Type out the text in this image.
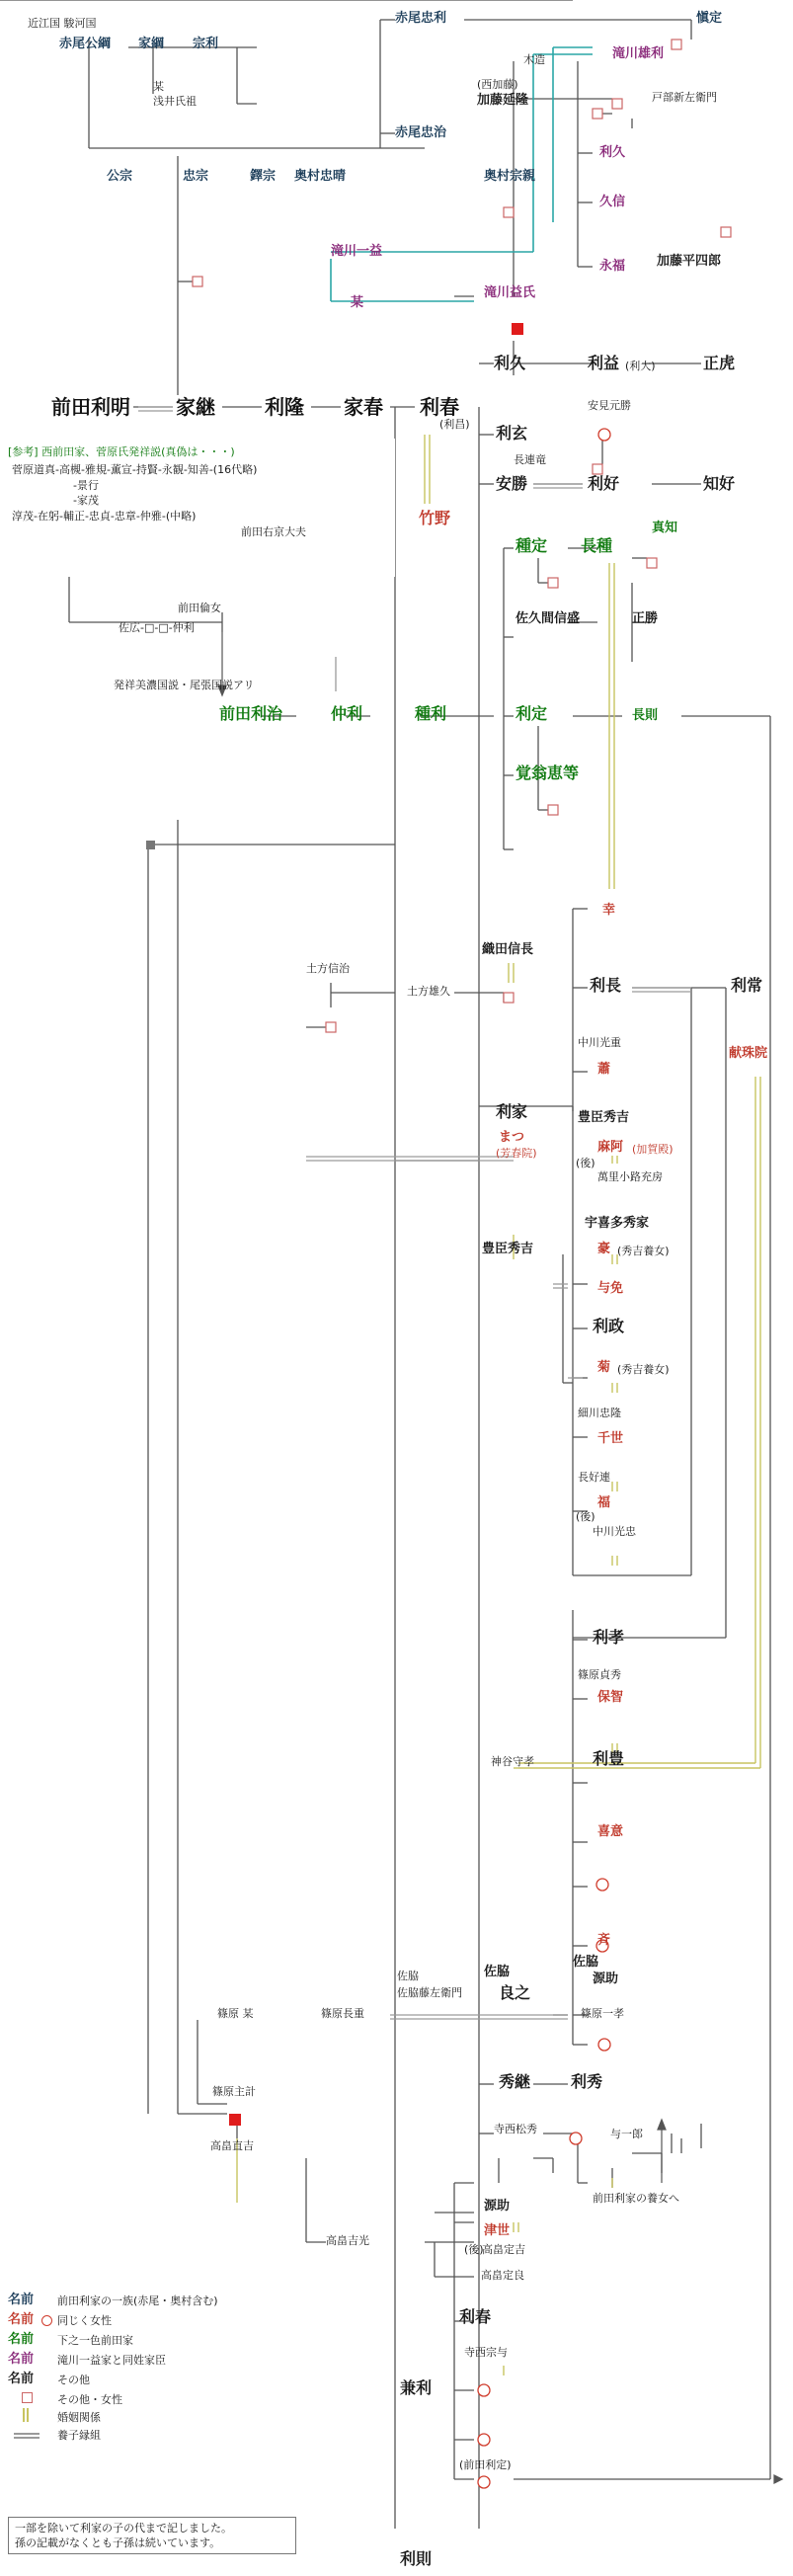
近江国 駿河国
赤尾公綱 家綱 宗利
某
浅井氏祖
公宗	忠宗	鐸宗 奥村忠晴
赤尾忠利
赤尾忠治
愼定
木造	滝川雄利
(西加藤)
加藤延隆	戸部新左衛門
奥村宗親
利久
久信
永福 加藤平四郎
滝川一益
某
滝川益氏
利久	利益 (利大)	正虎
前田利明 家継	利隆 家春 利春
(利昌) 利玄
安見元勝
長連竜
安勝	利好	知好
竹野
[参考] 西前田家、菅原氏発祥説(真偽は・・・)
菅原道真-高槻-雅規-薫宣-持賢-永観-知善-(16代略)
-景行
-家茂
淳茂-在躬-輔正-忠貞-忠章-仲雅-(中略)
前田右京大夫
前田倫女
佐広-□-□-仲利
発祥美濃国説・尾張国説アリ
前田利治	仲利	種利
種定 長種
真知
佐久間信盛	正勝
利定	長則
覚翁恵等
幸
織田信長
土方信治
土方雄久	利長	利常
中川光重
蕭
献珠院
利家
まつ
(芳春院)
豊臣秀吉
麻阿 (加賀殿)
(後)
萬里小路充房
宇喜多秀家
豪 (秀吉養女)
豊臣秀吉
与免
利政
菊 (秀吉養女)
細川忠隆
千世
長好連
福
(後)
中川光忠
利孝
篠原貞秀
保智
神谷守孝	利豊
喜意
斉
佐脇
佐脇藤左衛門
佐脇
良之
佐脇
源助
篠原 某	篠原長重	篠原一孝
篠原主計
高畠直吉
秀継	利秀
寺西松秀	与一郎
前田利家の養女へ
源助
津世
(後)
高畠定吉
高畠吉光
高畠定良
利春
寺西宗与
兼利
(前田利定)
利則
名前 前田利家の一族(赤尾・奥村含む)
名前 同じく女性
名前 下之一色前田家
名前 滝川一益家と同姓家臣
名前 その他
その他・女性
婚姻関係
養子縁組
一部を除いて利家の子の代まで記しました。
孫の記載がなくとも子孫は続いています。
